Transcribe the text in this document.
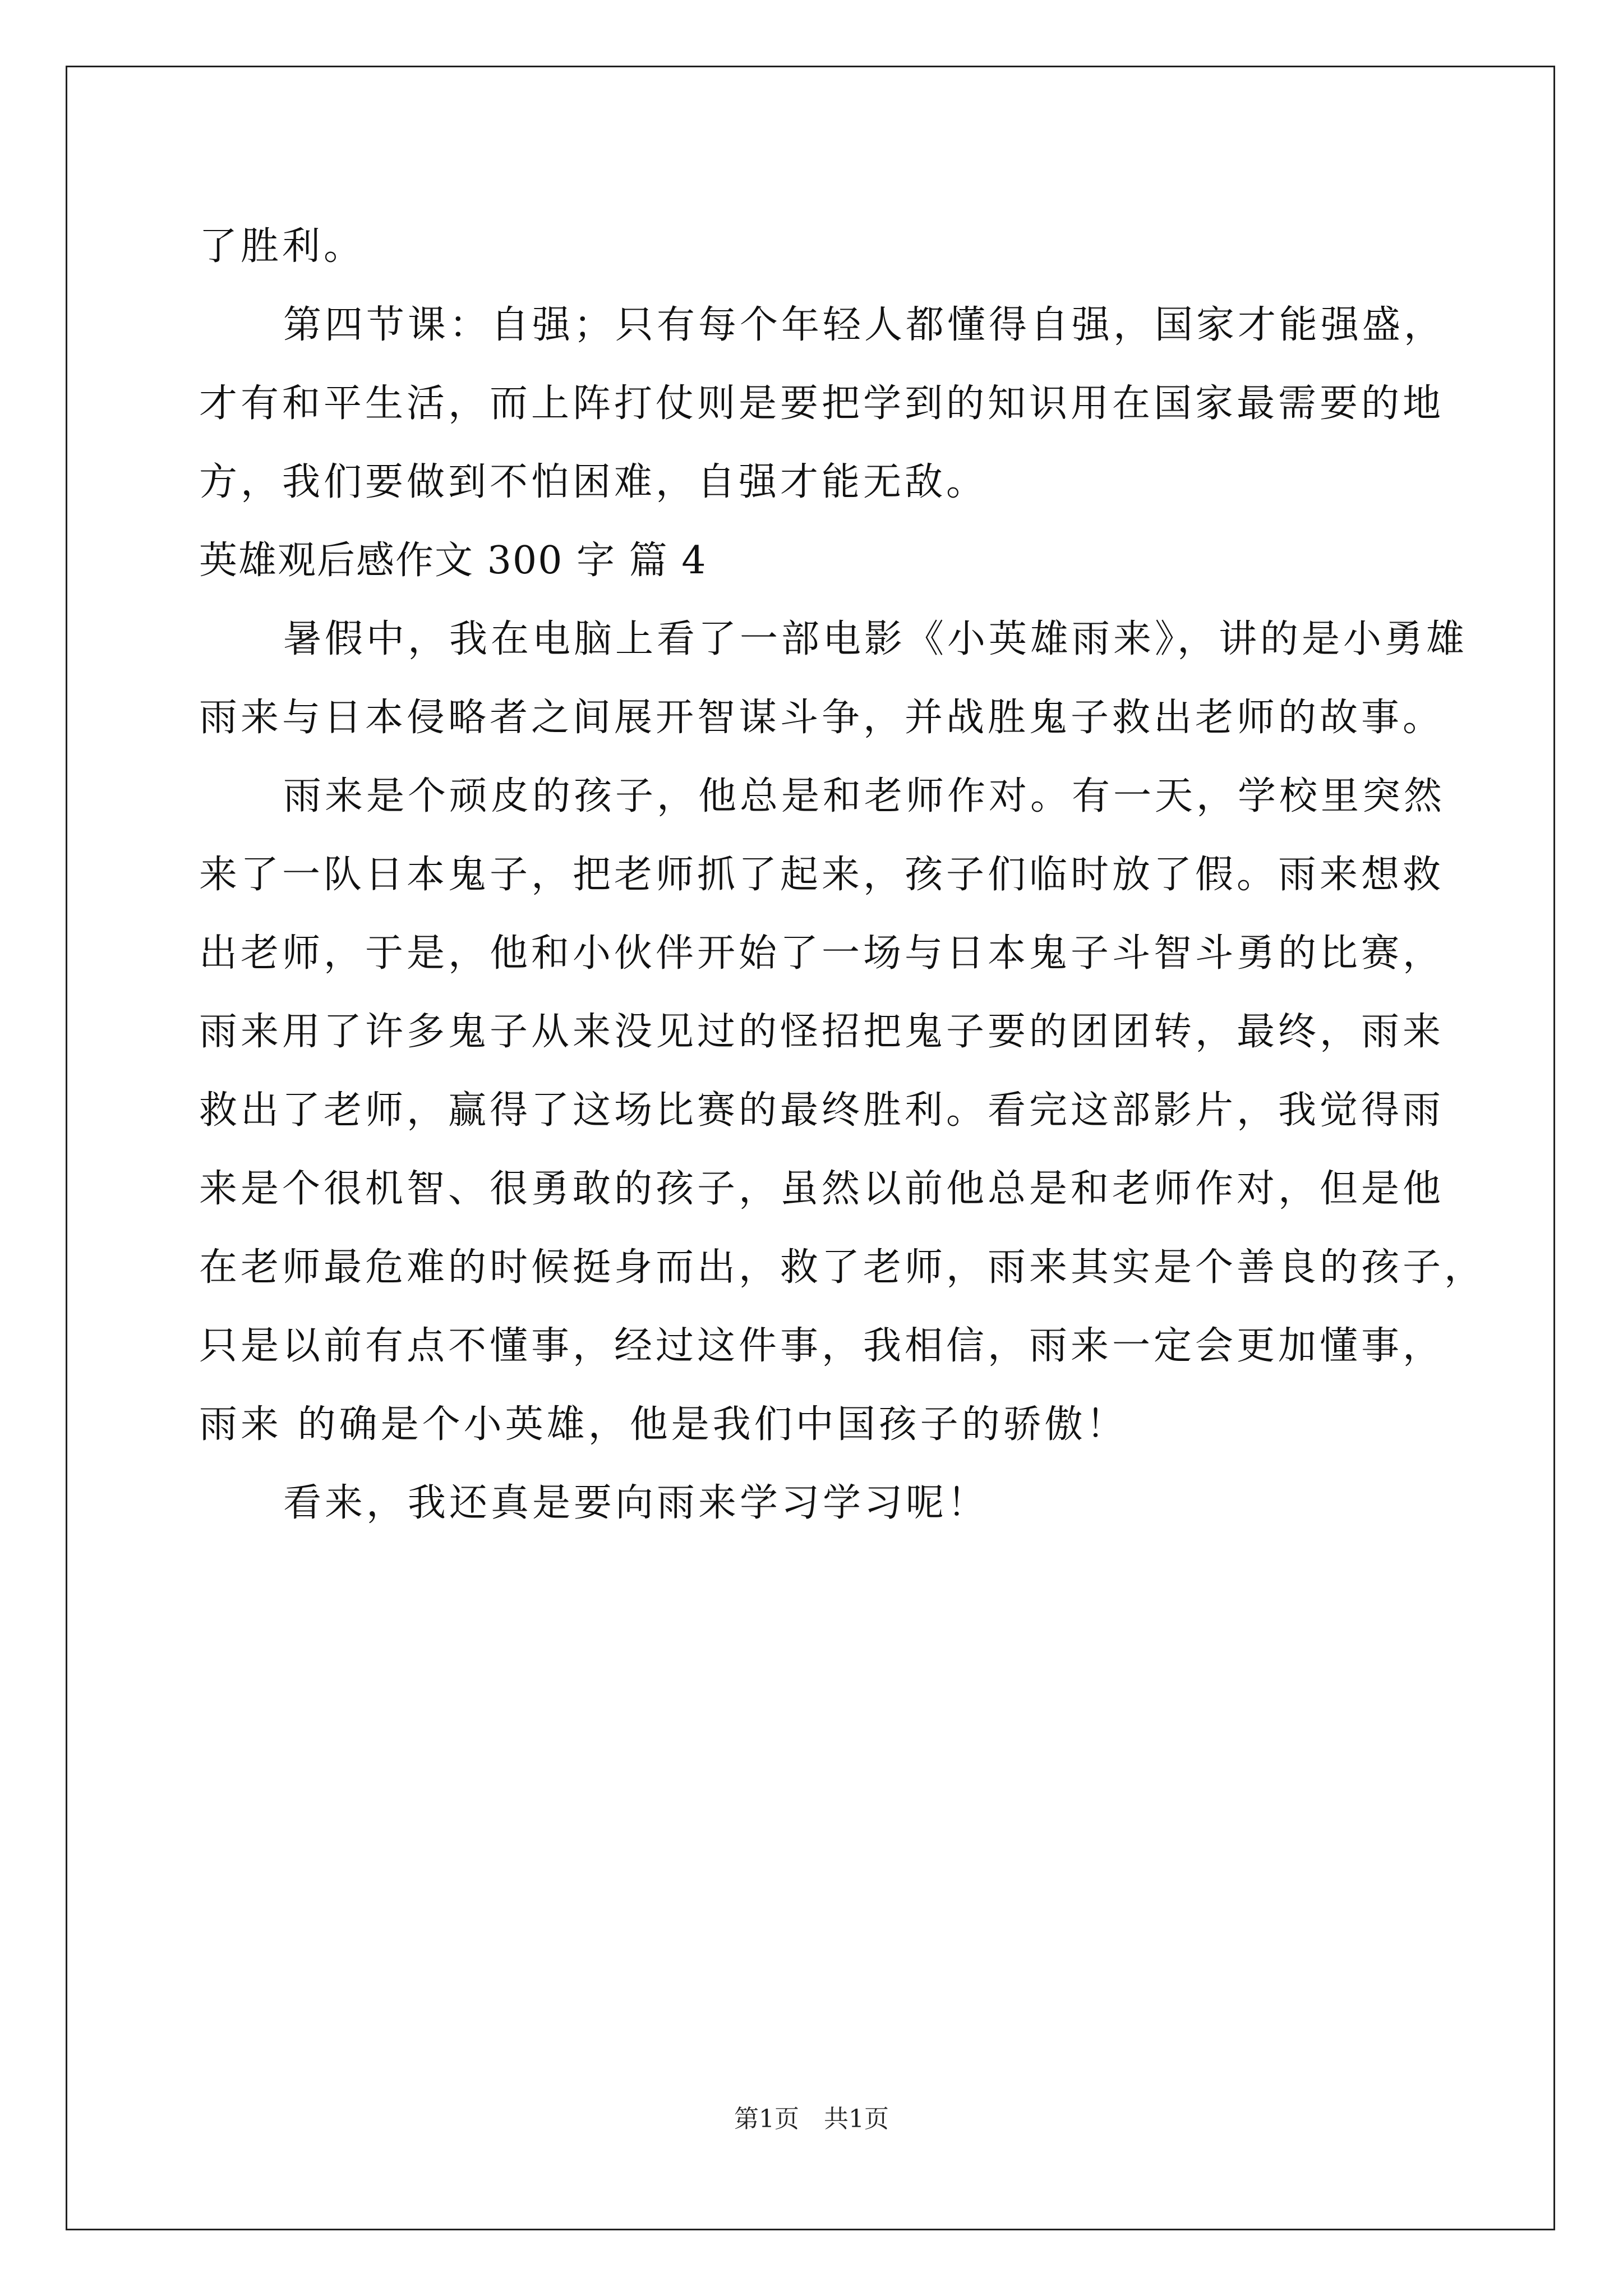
了胜利。
第四节课：自强；只有每个年轻人都懂得自强，国家才能强盛，
才有和平生活，而上阵打仗则是要把学到的知识用在国家最需要的地
方，我们要做到不怕困难，自强才能无敌。
英雄观后感作文 300 字 篇 4
暑假中，我在电脑上看了一部电影《小英雄雨来》，讲的是小勇雄
雨来与日本侵略者之间展开智谋斗争，并战胜鬼子救出老师的故事。
雨来是个顽皮的孩子，他总是和老师作对。有一天，学校里突然
来了一队日本鬼子，把老师抓了起来，孩子们临时放了假。雨来想救
出老师，于是，他和小伙伴开始了一场与日本鬼子斗智斗勇的比赛，
雨来用了许多鬼子从来没见过的怪招把鬼子要的团团转，最终，雨来
救出了老师，赢得了这场比赛的最终胜利。看完这部影片，我觉得雨
来是个很机智、很勇敢的孩子，虽然以前他总是和老师作对，但是他
在老师最危难的时候挺身而出，救了老师，雨来其实是个善良的孩子，
只是以前有点不懂事，经过这件事，我相信，雨来一定会更加懂事，
雨来 的确是个小英雄，他是我们中国孩子的骄傲！
看来，我还真是要向雨来学习学习呢！
第1页　共1页
